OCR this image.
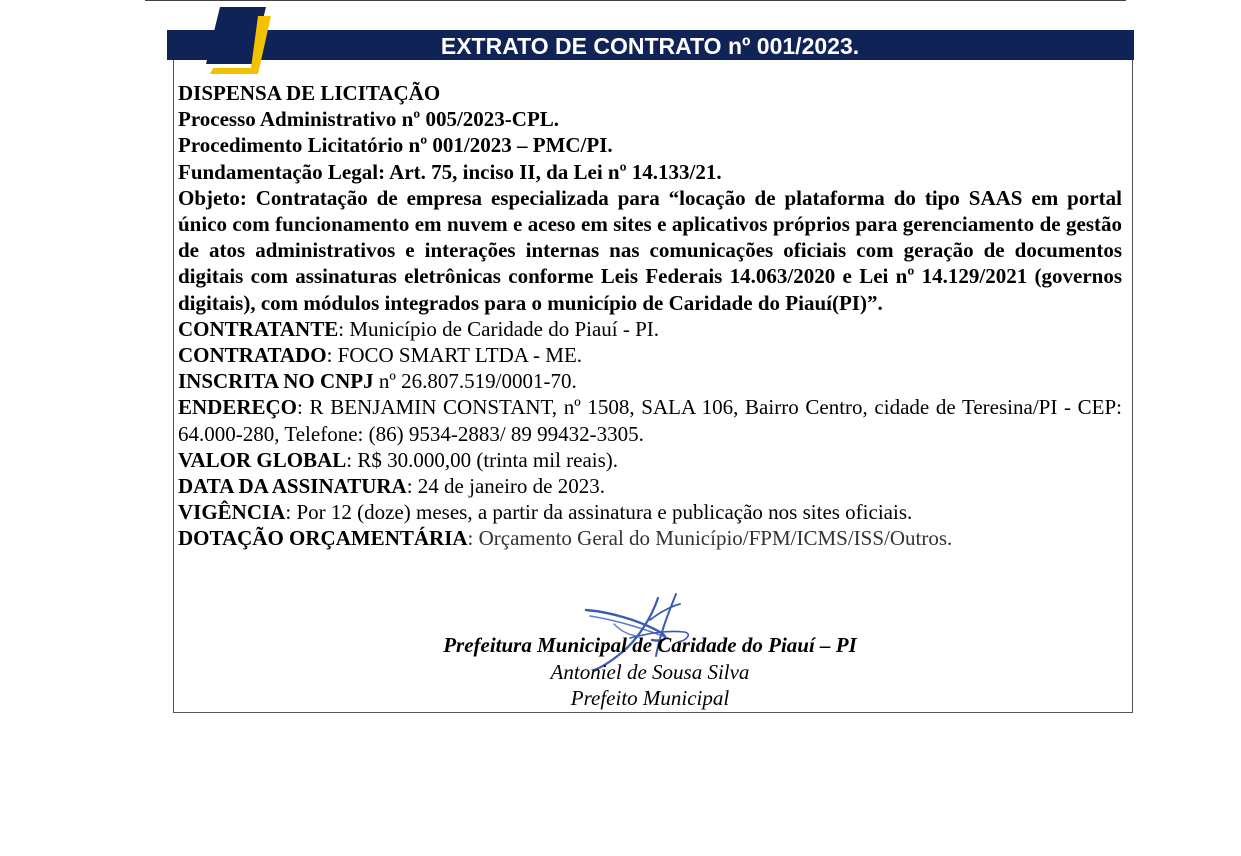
EXTRATO DE CONTRATO nº 001/2023.

DISPENSA DE LICITAÇÃO

Processo Administrativo nº 005/2023-CPL.

Procedimento Licitatório nº 001/2023 – PMC/PI.

Fundamentação Legal: Art. 75, inciso II, da Lei nº 14.133/21.

Objeto: Contratação de empresa especializada para “locação de plataforma do tipo SAAS em portal único com funcionamento em nuvem e aceso em sites e aplicativos próprios para gerenciamento de gestão de atos administrativos e interações internas nas comunicações oficiais com geração de documentos digitais com assinaturas eletrônicas conforme Leis Federais 14.063/2020 e Lei nº 14.129/2021 (governos digitais), com módulos integrados para o município de Caridade do Piauí(PI)”.

CONTRATANTE: Município de Caridade do Piauí - PI.

CONTRATADO: FOCO SMART LTDA - ME.

INSCRITA NO CNPJ nº 26.807.519/0001-70.

ENDEREÇO: R BENJAMIN CONSTANT, nº 1508, SALA 106, Bairro Centro, cidade de Teresina/PI - CEP: 64.000-280, Telefone: (86) 9534-2883/ 89 99432-3305.

VALOR GLOBAL: R$ 30.000,00 (trinta mil reais).

DATA DA ASSINATURA: 24 de janeiro de 2023.

VIGÊNCIA: Por 12 (doze) meses, a partir da assinatura e publicação nos sites oficiais.

DOTAÇÃO ORÇAMENTÁRIA: Orçamento Geral do Município/FPM/ICMS/ISS/Outros.

Prefeitura Municipal de Caridade do Piauí – PI
Antoniel de Sousa Silva
Prefeito Municipal
